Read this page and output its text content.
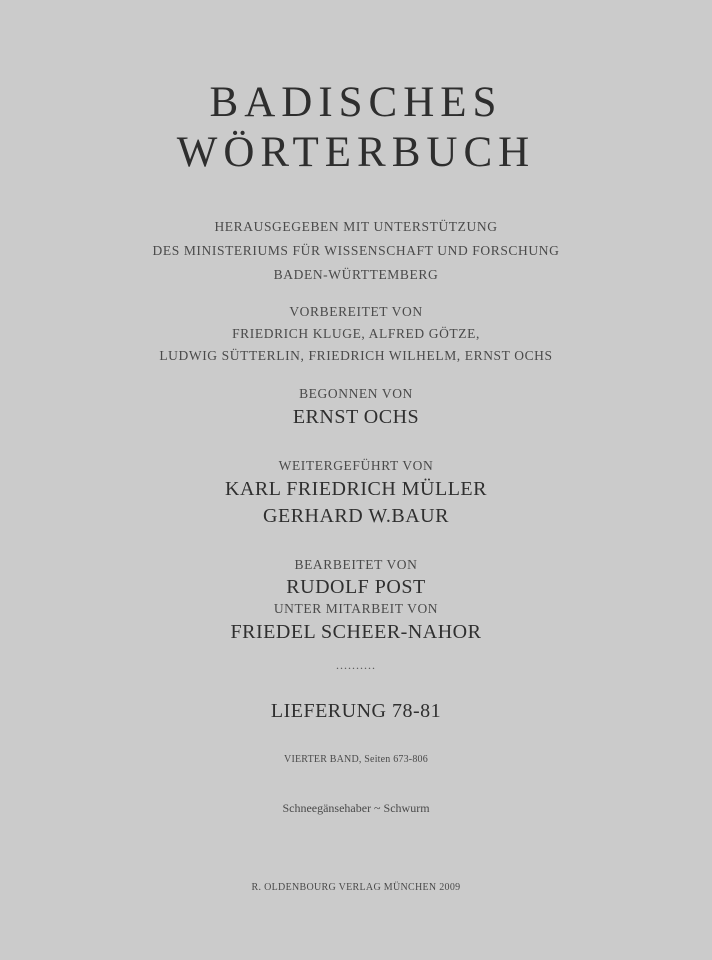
BADISCHES
WÖRTERBUCH
HERAUSGEGEBEN MIT UNTERSTÜTZUNG
DES MINISTERIUMS FÜR WISSENSCHAFT UND FORSCHUNG
BADEN-WÜRTTEMBERG
VORBEREITET VON
FRIEDRICH KLUGE, ALFRED GÖTZE,
LUDWIG SÜTTERLIN, FRIEDRICH WILHELM, ERNST OCHS
BEGONNEN VON
ERNST OCHS
WEITERGEFÜHRT VON
KARL FRIEDRICH MÜLLER
GERHARD W.BAUR
BEARBEITET VON
RUDOLF POST
UNTER MITARBEIT VON
FRIEDEL SCHEER-NAHOR
..........
LIEFERUNG 78-81
VIERTER BAND, Seiten 673-806
Schneegänsehaber ~ Schwurm
R. OLDENBOURG VERLAG MÜNCHEN 2009
